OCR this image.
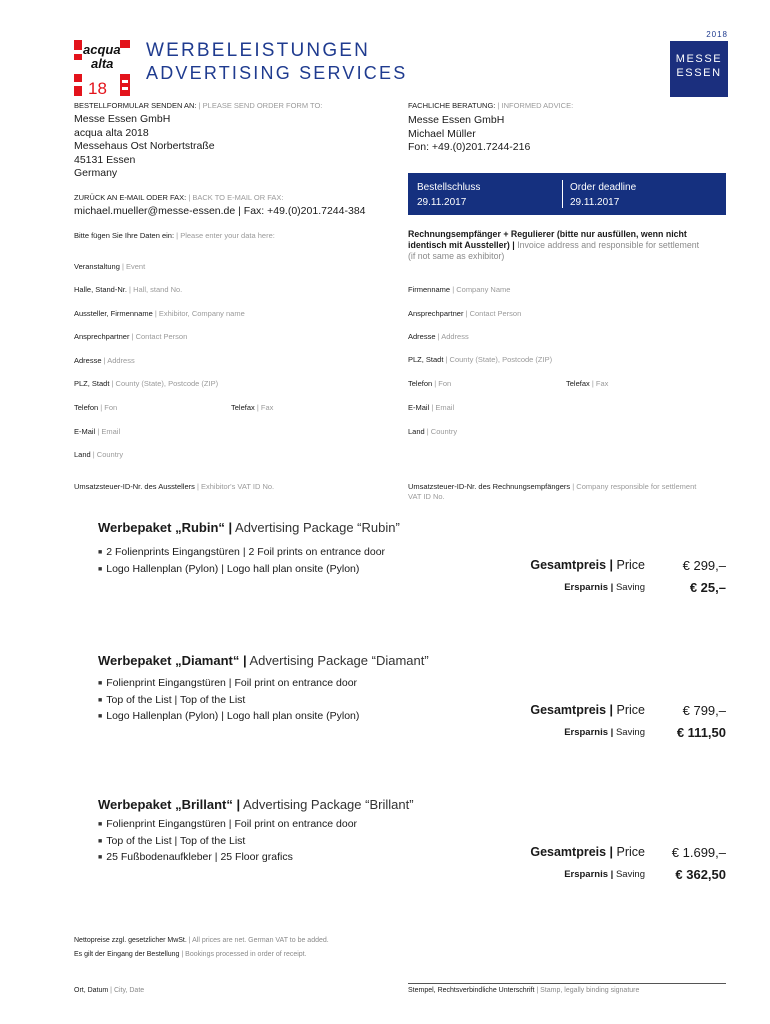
acqua
alta
18
WERBELEISTUNGEN
ADVERTISING SERVICES
2018
MESSE
ESSEN
BESTELLFORMULAR SENDEN AN: | PLEASE SEND ORDER FORM TO:
Messe Essen GmbH
acqua alta 2018
Messehaus Ost Norbertstraße
45131 Essen
Germany
FACHLICHE BERATUNG: | INFORMED ADVICE:
Messe Essen GmbH
Michael Müller
Fon: +49.(0)201.7244-216
ZURÜCK AN E-MAIL ODER FAX: | BACK TO E-MAIL OR FAX:
michael.mueller@messe-essen.de | Fax: +49.(0)201.7244-384
Bestellschluss
29.11.2017
Order deadline
29.11.2017
Bitte fügen Sie Ihre Daten ein: | Please enter your data here:	Rechnungsempfänger + Regulierer (bitte nur ausfüllen, wenn nicht identisch mit Aussteller) | Invoice address and responsible for settlement (if not same as exhibitor)
Veranstaltung | Event
Halle, Stand-Nr. | Hall, stand No.
Aussteller, Firmenname | Exhibitor, Company name
Ansprechpartner | Contact Person
Adresse | Address
PLZ, Stadt | County (State), Postcode (ZIP)
Telefon | Fon	Telefax | Fax
E-Mail | Email
Land | Country
Umsatzsteuer-ID-Nr. des Ausstellers | Exhibitor's VAT ID No.
Firmenname | Company Name
Ansprechpartner | Contact Person
Adresse | Address
PLZ, Stadt | County (State), Postcode (ZIP)
Telefon | Fon	Telefax | Fax
E-Mail | Email
Land | Country
Umsatzsteuer-ID-Nr. des Rechnungsempfängers | Company responsible for settlement VAT ID No.
Werbepaket „Rubin“ | Advertising Package “Rubin”
■ 2 Folienprints Eingangstüren | 2 Foil prints on entrance door
■ Logo Hallenplan (Pylon) | Logo hall plan onsite (Pylon)	Gesamtpreis | Price	€ 299,–
Ersparnis | Saving	€ 25,–
Werbepaket „Diamant“ | Advertising Package “Diamant”
■ Folienprint Eingangstüren | Foil print on entrance door
■ Top of the List | Top of the List
■ Logo Hallenplan (Pylon) | Logo hall plan onsite (Pylon)	Gesamtpreis | Price	€ 799,–
Ersparnis | Saving	€ 111,50
Werbepaket „Brillant“ | Advertising Package “Brillant”
■ Folienprint Eingangstüren | Foil print on entrance door
■ Top of the List | Top of the List
■ 25 Fußbodenaufkleber | 25 Floor grafics	Gesamtpreis | Price	€ 1.699,–
Ersparnis | Saving	€ 362,50
Nettopreise zzgl. gesetzlicher MwSt. | All prices are net. German VAT to be added.
Es gilt der Eingang der Bestellung | Bookings processed in order of receipt.
Ort, Datum | City, Date	Stempel, Rechtsverbindliche Unterschrift | Stamp, legally binding signature
